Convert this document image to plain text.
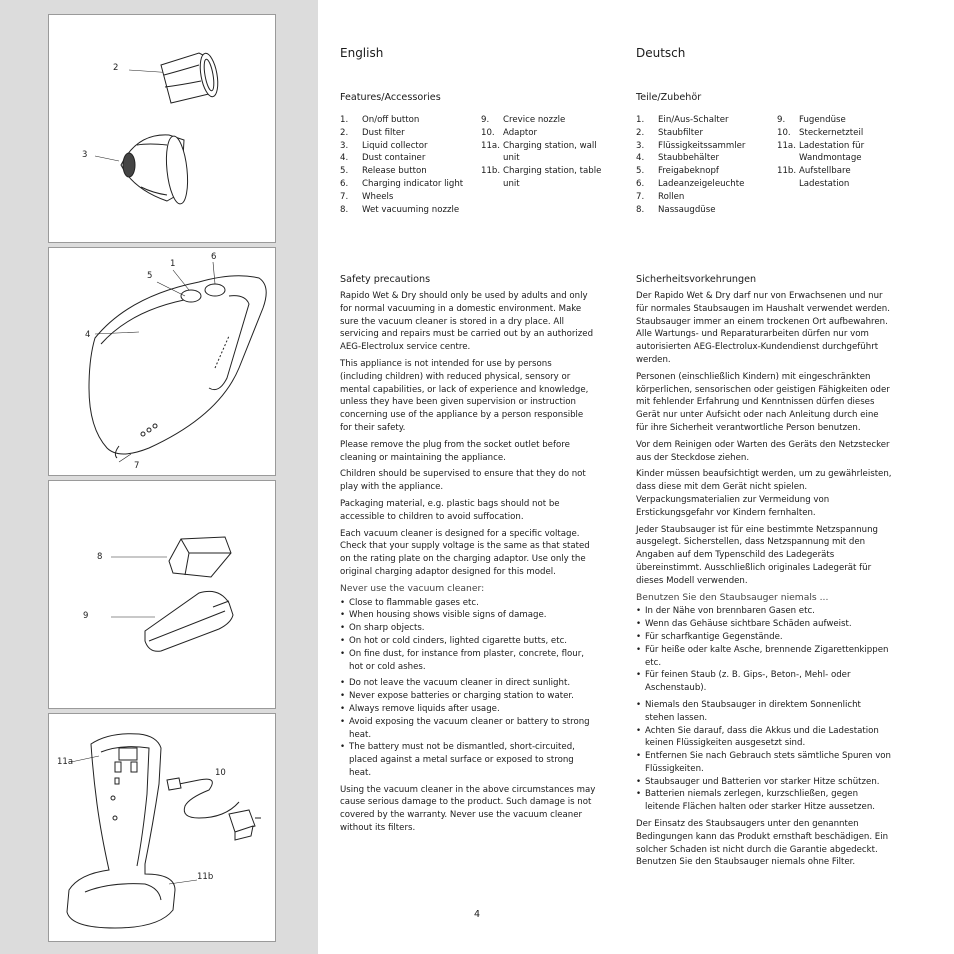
2
3
1
5
6
4
7
8
9
11a
10
11b
English
Features/Accessories
1.	On/off button
2.	Dust filter
3.	Liquid collector
4.	Dust container
5.	Release button
6.	Charging indicator light
7.	Wheels
8.	Wet vacuuming nozzle
9.	Crevice nozzle
10. Adaptor
11a. Charging station, wall unit
11b. Charging station, table unit
Safety precautions

Rapido Wet & Dry should only be used by adults and only for normal vacuuming in a domestic environment. Make sure the vacuum cleaner is stored in a dry place. All servicing and repairs must be carried out by an authorized AEG-Electrolux service centre.

This appliance is not intended for use by persons (including children) with reduced physical, sensory or mental capabilities, or lack of experience and knowledge, unless they have been given supervision or instruction concerning use of the appliance by a person responsible for their safety.

Please remove the plug from the socket outlet before cleaning or maintaining the appliance.

Children should be supervised to ensure that they do not play with the appliance.

Packaging material, e.g. plastic bags should not be accessible to children to avoid suffocation.

Each vacuum cleaner is designed for a specific voltage. Check that your supply voltage is the same as that stated on the rating plate on the charging adaptor. Use only the original charging adaptor designed for this model.

Never use the vacuum cleaner:
• Close to flammable gases etc.
• When housing shows visible signs of damage.
• On sharp objects.
• On hot or cold cinders, lighted cigarette butts, etc.
• On fine dust, for instance from plaster, concrete, flour, hot or cold ashes.
• Do not leave the vacuum cleaner in direct sunlight.
• Never expose batteries or charging station to water.
• Always remove liquids after usage.
• Avoid exposing the vacuum cleaner or battery to strong heat.
• The battery must not be dismantled, short-circuited, placed against a metal surface or exposed to strong heat.

Using the vacuum cleaner in the above circumstances may cause serious damage to the product. Such damage is not covered by the warranty. Never use the vacuum cleaner without its filters.

Deutsch
Teile/Zubehör
1.	Ein/Aus-Schalter
2.	Staubfilter
3.	Flüssigkeitssammler
4.	Staubbehälter
5.	Freigabeknopf
6.	Ladeanzeigeleuchte
7.	Rollen
8.	Nassaugdüse
9.	Fugendüse
10. Steckernetzteil
11a. Ladestation für Wandmontage
11b. Aufstellbare Ladestation
Sicherheitsvorkehrungen

Der Rapido Wet & Dry darf nur von Erwachsenen und nur für normales Staubsaugen im Haushalt verwendet werden. Staubsauger immer an einem trockenen Ort aufbewahren. Alle Wartungs- und Reparaturarbeiten dürfen nur vom autorisierten AEG-Electrolux-Kundendienst durchgeführt werden.

Personen (einschließlich Kindern) mit eingeschränkten körperlichen, sensorischen oder geistigen Fähigkeiten oder mit fehlender Erfahrung und Kenntnissen dürfen dieses Gerät nur unter Aufsicht oder nach Anleitung durch eine für ihre Sicherheit verantwortliche Person benutzen.

Vor dem Reinigen oder Warten des Geräts den Netzstecker aus der Steckdose ziehen.

Kinder müssen beaufsichtigt werden, um zu gewährleisten, dass diese mit dem Gerät nicht spielen. Verpackungsmaterialien zur Vermeidung von Erstickungsgefahr vor Kindern fernhalten.

Jeder Staubsauger ist für eine bestimmte Netzspannung ausgelegt. Sicherstellen, dass Netzspannung mit den Angaben auf dem Typenschild des Ladegeräts übereinstimmt. Ausschließlich originales Ladegerät für dieses Modell verwenden.

Benutzen Sie den Staubsauger niemals ...
• In der Nähe von brennbaren Gasen etc.
• Wenn das Gehäuse sichtbare Schäden aufweist.
• Für scharfkantige Gegenstände.
• Für heiße oder kalte Asche, brennende Zigarettenkippen etc.
• Für feinen Staub (z. B. Gips-, Beton-, Mehl- oder Aschenstaub).
• Niemals den Staubsauger in direktem Sonnenlicht stehen lassen.
• Achten Sie darauf, dass die Akkus und die Ladestation keinen Flüssigkeiten ausgesetzt sind.
• Entfernen Sie nach Gebrauch stets sämtliche Spuren von Flüssigkeiten.
• Staubsauger und Batterien vor starker Hitze schützen.
• Batterien niemals zerlegen, kurzschließen, gegen leitende Flächen halten oder starker Hitze aussetzen.

Der Einsatz des Staubsaugers unter den genannten Bedingungen kann das Produkt ernsthaft beschädigen. Ein solcher Schaden ist nicht durch die Garantie abgedeckt. Benutzen Sie den Staubsauger niemals ohne Filter.

4
